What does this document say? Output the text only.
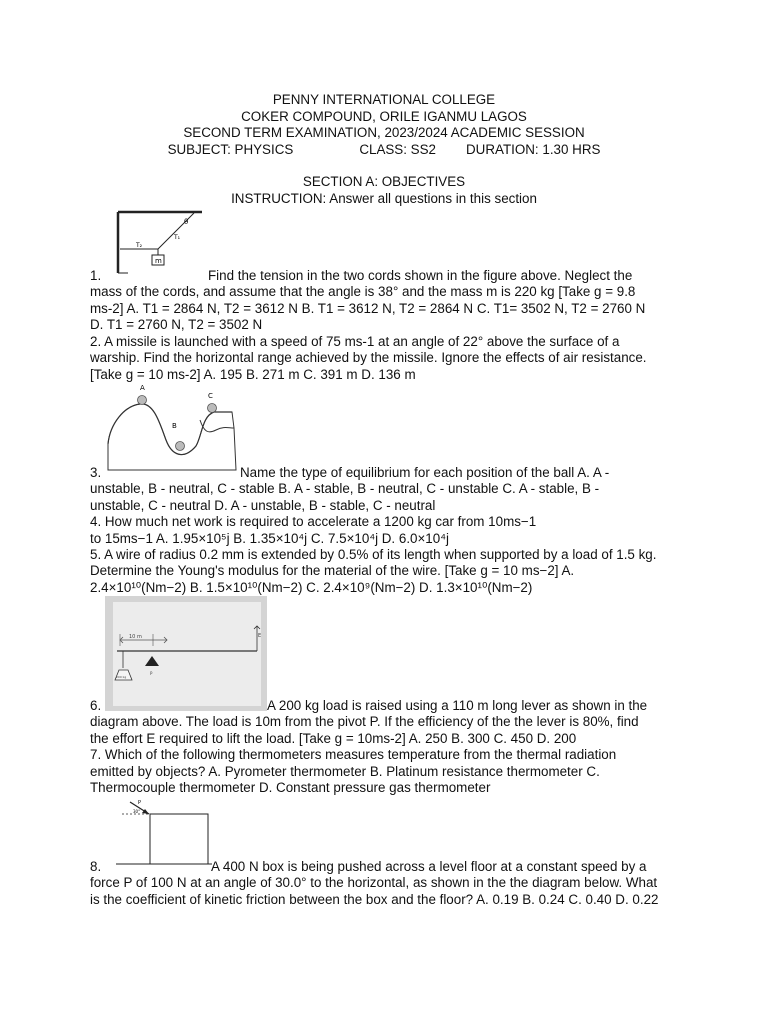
PENNY INTERNATIONAL COLLEGE
COKER COMPOUND, ORILE IGANMU LAGOS
SECOND TERM EXAMINATION, 2023/2024 ACADEMIC SESSION
SUBJECT: PHYSICS	CLASS: SS2 DURATION: 1.30 HRS
SECTION A: OBJECTIVES
INSTRUCTION: Answer all questions in this section
θ
T₁
T₂
m
1.	Find the tension in the two cords shown in the figure above. Neglect the
mass of the cords, and assume that the angle is 38° and the mass m is 220 kg [Take g = 9.8
ms-2] A. T1 = 2864 N, T2 = 3612 N B. T1 = 3612 N, T2 = 2864 N C. T1= 3502 N, T2 = 2760 N
D. T1 = 2760 N, T2 = 3502 N
2. A missile is launched with a speed of 75 ms-1 at an angle of 22° above the surface of a
warship. Find the horizontal range achieved by the missile. Ignore the effects of air resistance.
[Take g = 10 ms-2] A. 195 B. 271 m C. 391 m D. 136 m
A
B
C
3.	Name the type of equilibrium for each position of the ball A. A -
unstable, B - neutral, C - stable B. A - stable, B - neutral, C - unstable C. A - stable, B -
unstable, C - neutral D. A - unstable, B - stable, C - neutral
4. How much net work is required to accelerate a 1200 kg car from 10ms−1
to 15ms−1 A. 1.95×10⁵j B. 1.35×10⁴j C. 7.5×10⁴j D. 6.0×10⁴j
5. A wire of radius 0.2 mm is extended by 0.5% of its length when supported by a load of 1.5 kg.
Determine the Young's modulus for the material of the wire. [Take g = 10 ms−2] A.
2.4×10¹⁰(Nm−2) B. 1.5×10¹⁰(Nm−2) C. 2.4×10⁹(Nm−2) D. 1.3×10¹⁰(Nm−2)
10 m	E
200 kg
P
6.	A 200 kg load is raised using a 110 m long lever as shown in the
diagram above. The load is 10m from the pivot P. If the efficiency of the the lever is 80%, find
the effort E required to lift the load. [Take g = 10ms-2] A. 250 B. 300 C. 450 D. 200
7. Which of the following thermometers measures temperature from the thermal radiation
emitted by objects? A. Pyrometer thermometer B. Platinum resistance thermometer C.
Thermocouple thermometer D. Constant pressure gas thermometer
P
30°
8.	A 400 N box is being pushed across a level floor at a constant speed by a
force P of 100 N at an angle of 30.0° to the horizontal, as shown in the the diagram below. What
is the coefficient of kinetic friction between the box and the floor? A. 0.19 B. 0.24 C. 0.40 D. 0.22
